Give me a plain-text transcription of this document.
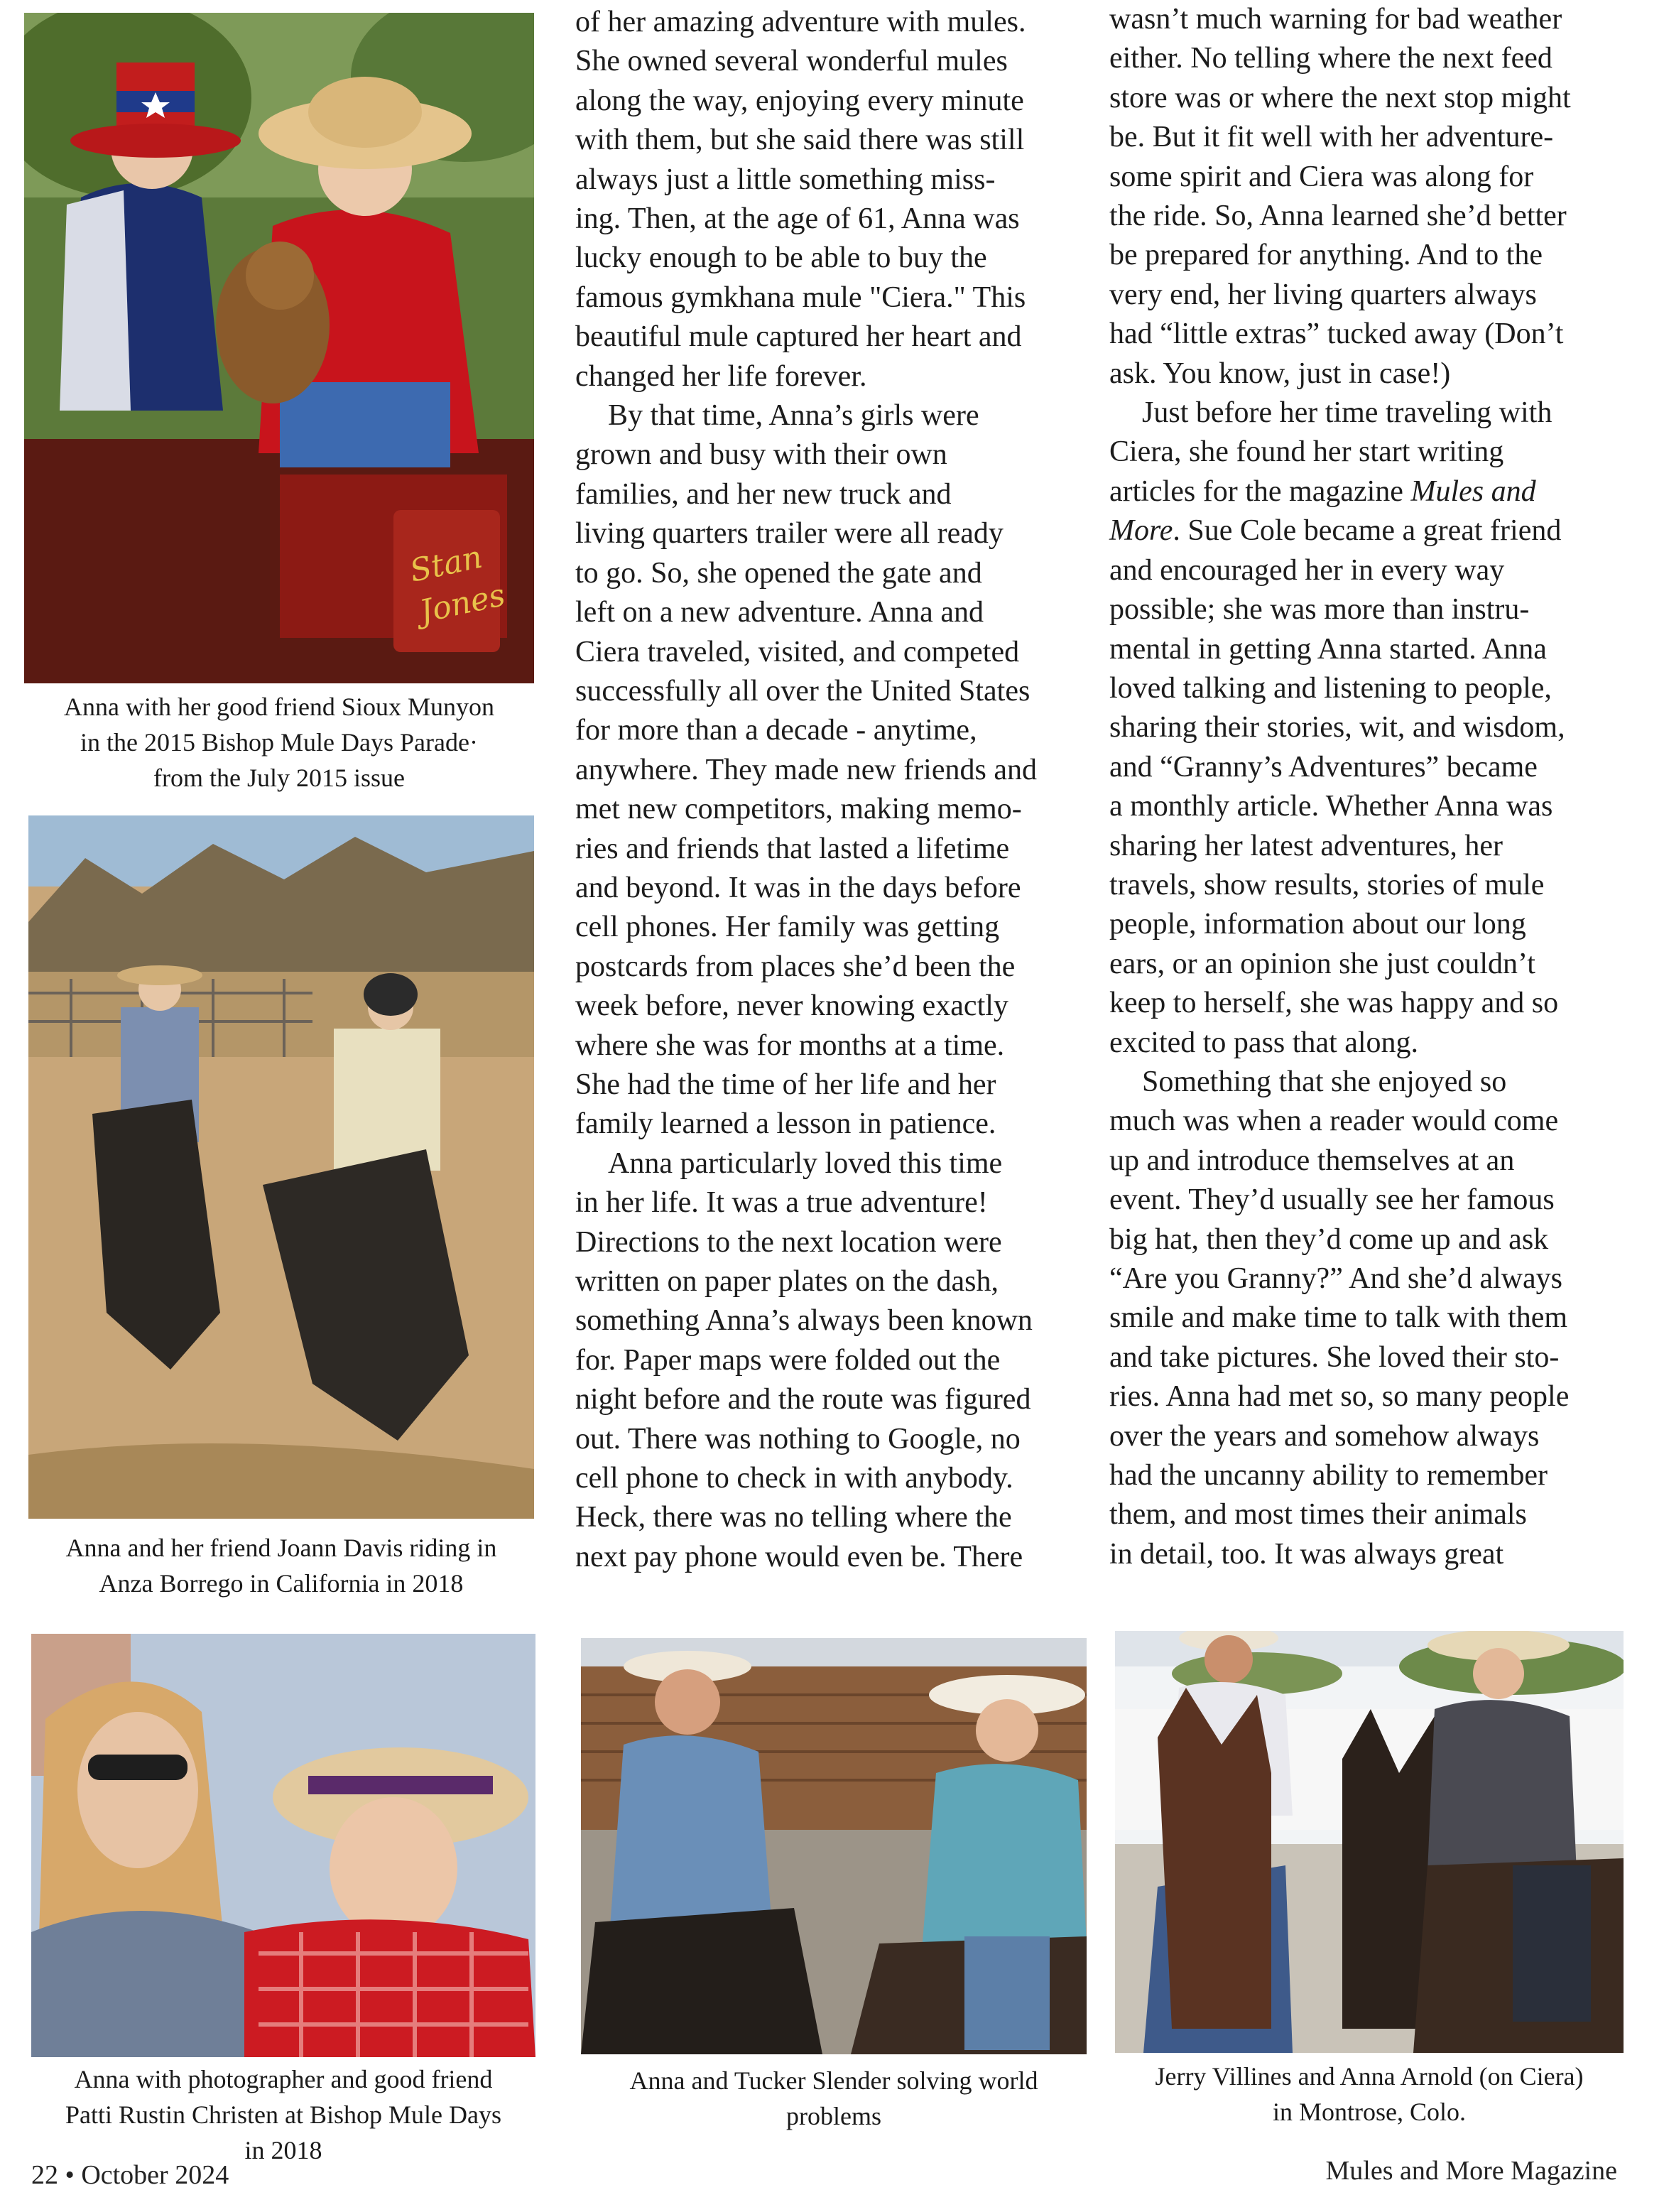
Stan
Jones
Anna with her good friend Sioux Munyon
in the 2015 Bishop Mule Days Parade·
from the July 2015 issue
Anna and her friend Joann Davis riding in
Anza Borrego in California in 2018
Anna with photographer and good friend
Patti Rustin Christen at Bishop Mule Days
in 2018
Anna and Tucker Slender solving world
problems
Jerry Villines and Anna Arnold (on Ciera)
in Montrose, Colo.

of her amazing adventure with mules.

She owned several wonderful mules

along the way, enjoying every minute

with them, but she said there was still

always just a little something miss-

ing. Then, at the age of 61, Anna was

lucky enough to be able to buy the

famous gymkhana mule "Ciera." This

beautiful mule captured her heart and

changed her life forever.

By that time, Anna’s girls were

grown and busy with their own

families, and her new truck and

living quarters trailer were all ready

to go. So, she opened the gate and

left on a new adventure. Anna and

Ciera traveled, visited, and competed

successfully all over the United States

for more than a decade - anytime,

anywhere. They made new friends and

met new competitors, making memo-

ries and friends that lasted a lifetime

and beyond. It was in the days before

cell phones. Her family was getting

postcards from places she’d been the

week before, never knowing exactly

where she was for months at a time.

She had the time of her life and her

family learned a lesson in patience.

Anna particularly loved this time

in her life. It was a true adventure!

Directions to the next location were

written on paper plates on the dash,

something Anna’s always been known

for. Paper maps were folded out the

night before and the route was figured

out. There was nothing to Google, no

cell phone to check in with anybody.

Heck, there was no telling where the

next pay phone would even be. There

wasn’t much warning for bad weather

either. No telling where the next feed

store was or where the next stop might

be. But it fit well with her adventure-

some spirit and Ciera was along for

the ride. So, Anna learned she’d better

be prepared for anything. And to the

very end, her living quarters always

had “little extras” tucked away (Don’t

ask. You know, just in case!)

Just before her time traveling with

Ciera, she found her start writing

articles for the magazine Mules and

More. Sue Cole became a great friend

and encouraged her in every way

possible; she was more than instru-

mental in getting Anna started. Anna

loved talking and listening to people,

sharing their stories, wit, and wisdom,

and “Granny’s Adventures” became

a monthly article. Whether Anna was

sharing her latest adventures, her

travels, show results, stories of mule

people, information about our long

ears, or an opinion she just couldn’t

keep to herself, she was happy and so

excited to pass that along.

Something that she enjoyed so

much was when a reader would come

up and introduce themselves at an

event. They’d usually see her famous

big hat, then they’d come up and ask

“Are you Granny?” And she’d always

smile and make time to talk with them

and take pictures. She loved their sto-

ries. Anna had met so, so many people

over the years and somehow always

had the uncanny ability to remember

them, and most times their animals

in detail, too. It was always great

22 • October 2024	Mules and More Magazine
